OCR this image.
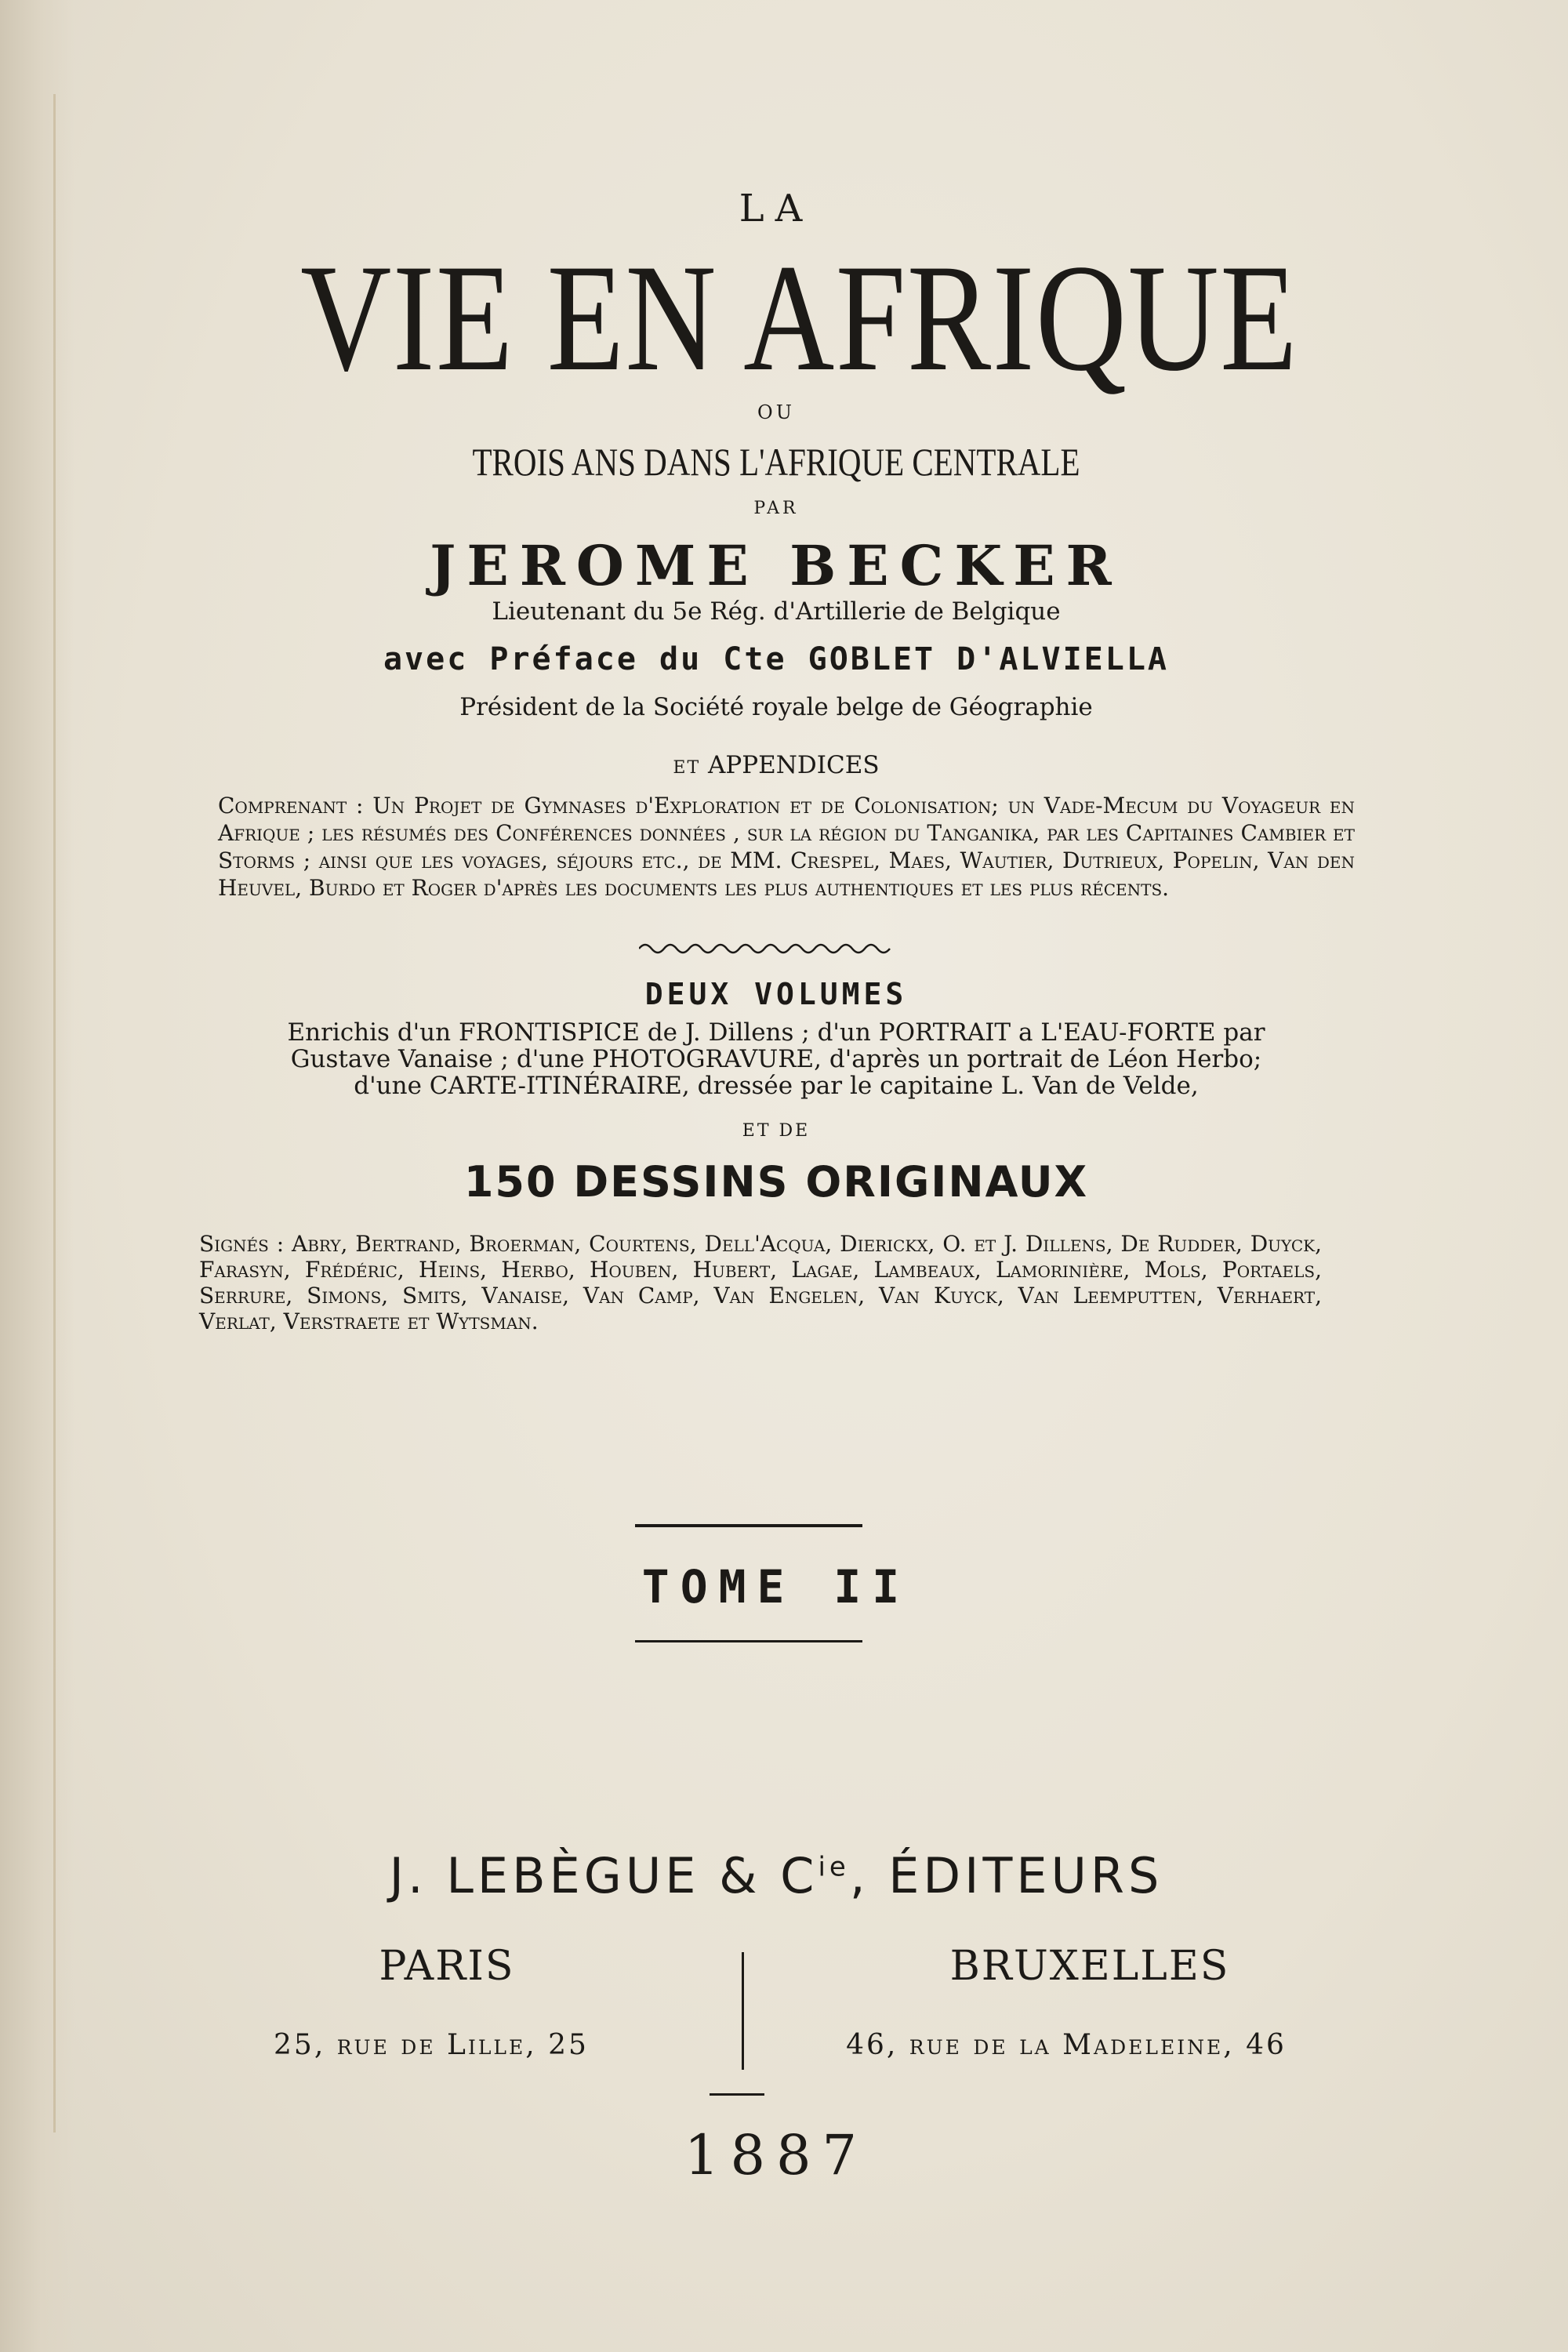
LA
VIE EN AFRIQUE
OU
TROIS ANS DANS L'AFRIQUE CENTRALE
PAR
JEROME BECKER
Lieutenant du 5e Rég. d'Artillerie de Belgique
avec Préface du Cte GOBLET D'ALVIELLA
Président de la Société royale belge de Géographie
ET APPENDICES
Comprenant : Un Projet de Gymnases d'Exploration et de Colonisation; un Vade-Mecum du Voyageur en Afrique ; les résumés des Conférences données , sur la région du Tanganika, par les Capitaines Cambier et Storms ; ainsi que les voyages, séjours etc., de MM. Crespel, Maes, Wautier, Dutrieux, Popelin, Van den Heuvel, Burdo et Roger d'après les documents les plus authentiques et les plus récents.
DEUX VOLUMES
Enrichis d'un FRONTISPICE de J. Dillens ; d'un PORTRAIT a L'EAU-FORTE par
Gustave Vanaise ; d'une PHOTOGRAVURE, d'après un portrait de Léon Herbo;
d'une CARTE-ITINÉRAIRE, dressée par le capitaine L. Van de Velde,
ET DE
150 DESSINS ORIGINAUX
Signés : Abry, Bertrand, Broerman, Courtens, Dell'Acqua, Dierickx, O. et J. Dillens, De Rudder, Duyck, Farasyn, Frédéric, Heins, Herbo, Houben, Hubert, Lagae, Lambeaux, Lamorinière, Mols, Portaels, Serrure, Simons, Smits, Vanaise, Van Camp, Van Engelen, Van Kuyck, Van Leemputten, Verhaert, Verlat, Verstraete et Wytsman.
TOME II
J. LEBÈGUE & $C^{ie}$, ÉDITEURS
PARIS
25, rue de Lille, 25
BRUXELLES
46, rue de la Madeleine, 46
1887
